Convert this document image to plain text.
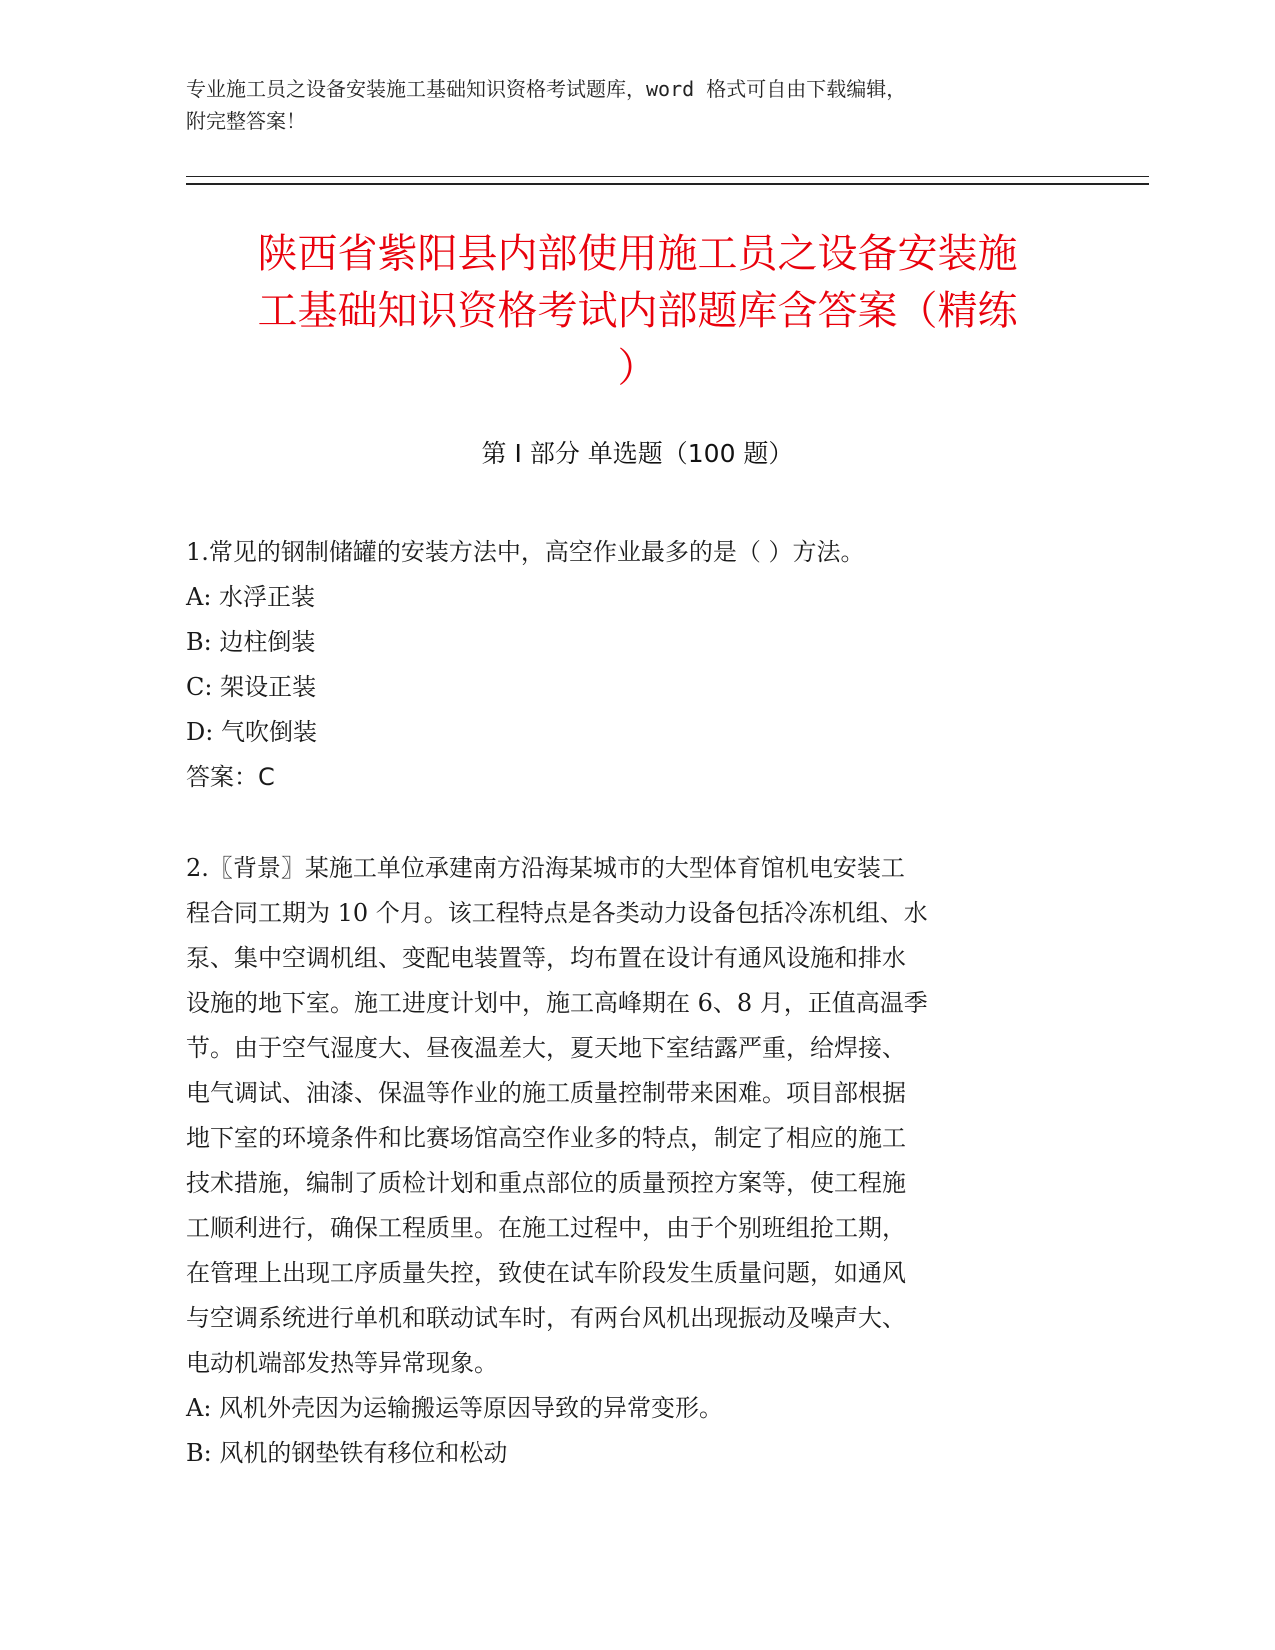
专业施工员之设备安装施工基础知识资格考试题库，word 格式可自由下载编辑，
附完整答案！
陕西省紫阳县内部使用施工员之设备安装施
工基础知识资格考试内部题库含答案（精练
）
第 I 部分 单选题（100 题）
1.常见的钢制储罐的安装方法中，高空作业最多的是（ ）方法。
A: 水浮正装
B: 边柱倒装
C: 架设正装
D: 气吹倒装
答案：C
2.〖背景〗某施工单位承建南方沿海某城市的大型体育馆机电安装工
程合同工期为 10 个月。该工程特点是各类动力设备包括冷冻机组、水
泵、集中空调机组、变配电装置等，均布置在设计有通风设施和排水
设施的地下室。施工进度计划中，施工高峰期在 6、8 月，正值高温季
节。由于空气湿度大、昼夜温差大，夏天地下室结露严重，给焊接、
电气调试、油漆、保温等作业的施工质量控制带来困难。项目部根据
地下室的环境条件和比赛场馆高空作业多的特点，制定了相应的施工
技术措施，编制了质检计划和重点部位的质量预控方案等，使工程施
工顺利进行，确保工程质里。在施工过程中，由于个别班组抢工期，
在管理上出现工序质量失控，致使在试车阶段发生质量问题，如通风
与空调系统进行单机和联动试车时，有两台风机出现振动及噪声大、
电动机端部发热等异常现象。
A: 风机外壳因为运输搬运等原因导致的异常变形。
B: 风机的钢垫铁有移位和松动
